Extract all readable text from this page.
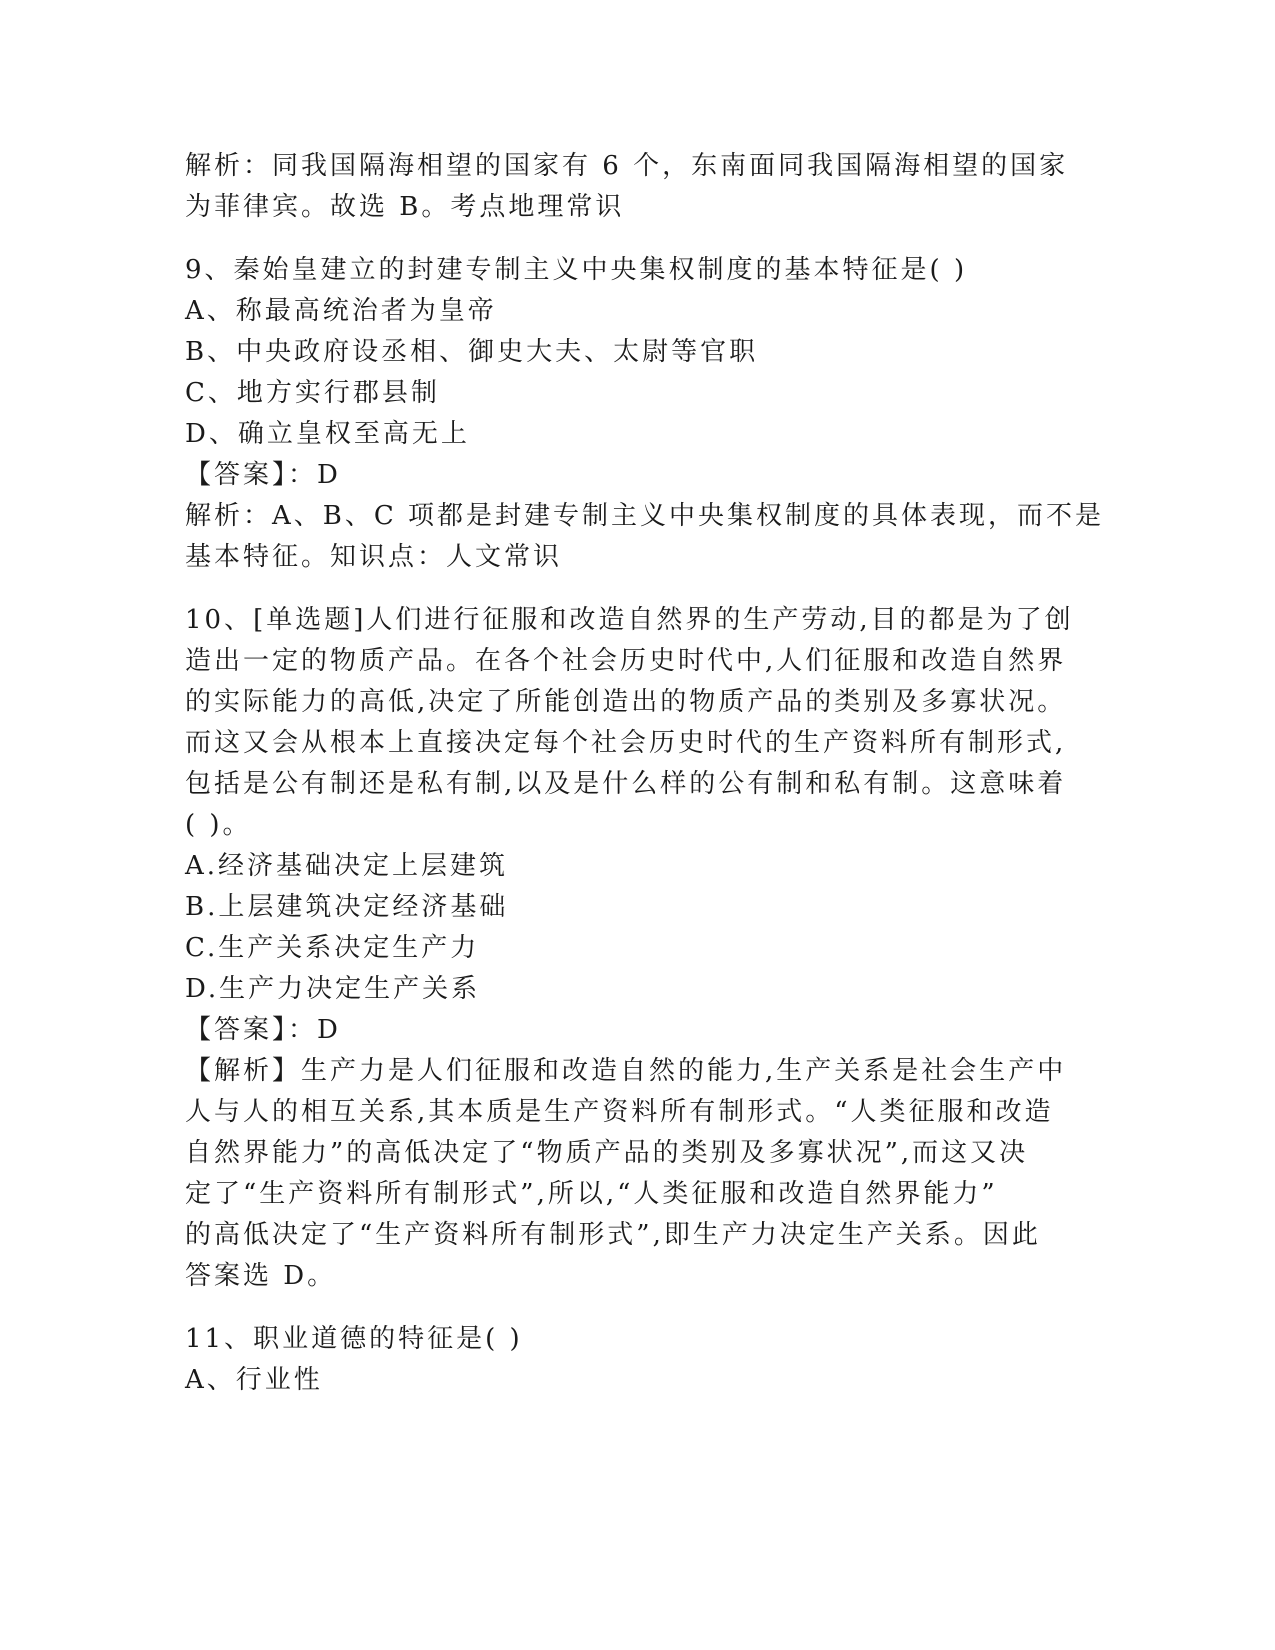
解析：同我国隔海相望的国家有 6 个，东南面同我国隔海相望的国家
为菲律宾。故选 B。考点地理常识
9、秦始皇建立的封建专制主义中央集权制度的基本特征是( )
A、称最高统治者为皇帝
B、中央政府设丞相、御史大夫、太尉等官职
C、地方实行郡县制
D、确立皇权至高无上
【答案】：D
解析：A、B、C 项都是封建专制主义中央集权制度的具体表现，而不是
基本特征。知识点：人文常识
10、[单选题]人们进行征服和改造自然界的生产劳动,目的都是为了创
造出一定的物质产品。在各个社会历史时代中,人们征服和改造自然界
的实际能力的高低,决定了所能创造出的物质产品的类别及多寡状况。
而这又会从根本上直接决定每个社会历史时代的生产资料所有制形式,
包括是公有制还是私有制,以及是什么样的公有制和私有制。这意味着
( )。
A.经济基础决定上层建筑
B.上层建筑决定经济基础
C.生产关系决定生产力
D.生产力决定生产关系
【答案】：D
【解析】生产力是人们征服和改造自然的能力,生产关系是社会生产中
人与人的相互关系,其本质是生产资料所有制形式。“人类征服和改造
自然界能力”的高低决定了“物质产品的类别及多寡状况”,而这又决
定了“生产资料所有制形式”,所以,“人类征服和改造自然界能力”
的高低决定了“生产资料所有制形式”,即生产力决定生产关系。因此
答案选 D。
11、职业道德的特征是( )
A、行业性
